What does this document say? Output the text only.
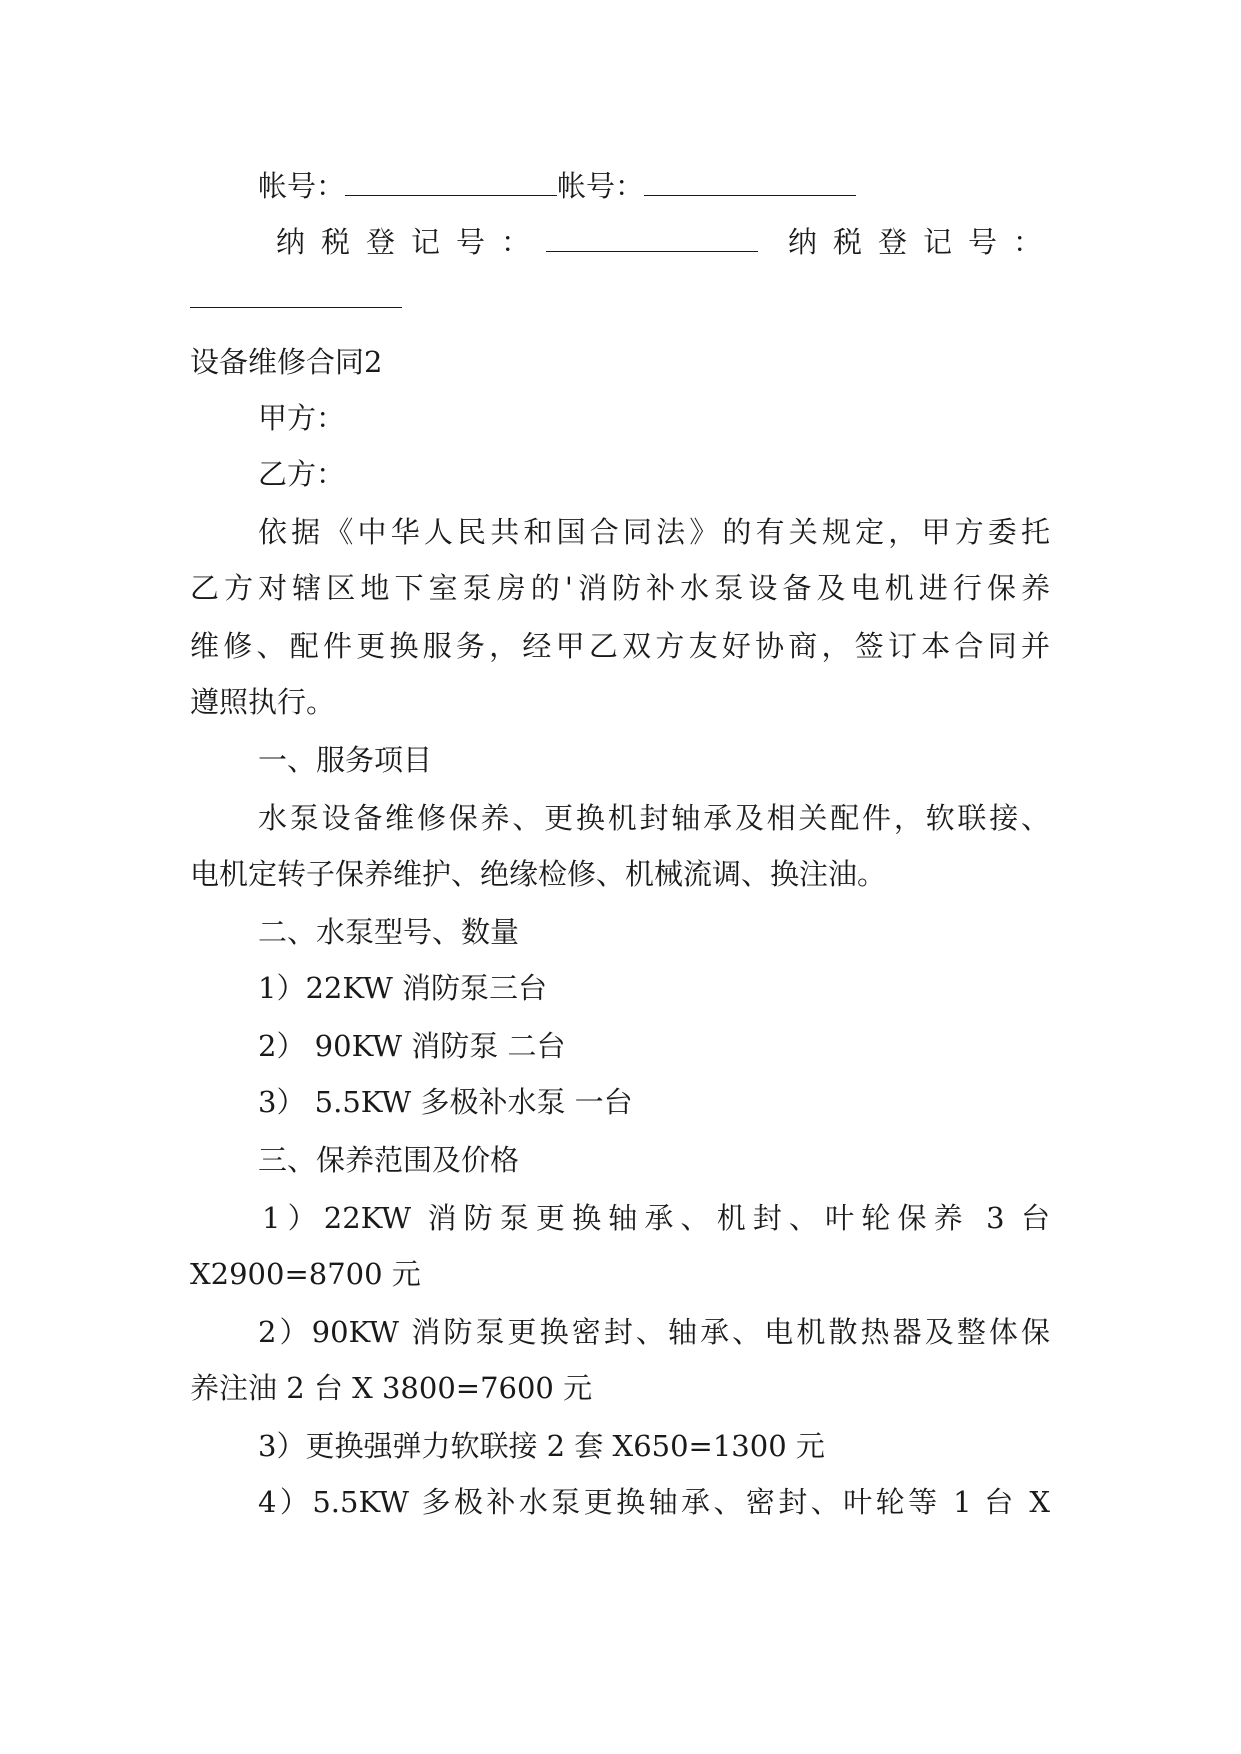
帐号：	帐号：
纳税登记号：	纳税登记号：
设备维修合同2
甲方：
乙方：
依据《中华人民共和国合同法》的有关规定，甲方委托
乙方对辖区地下室泵房的'消防补水泵设备及电机进行保养
维修、配件更换服务，经甲乙双方友好协商，签订本合同并
遵照执行。
一、服务项目
水泵设备维修保养、更换机封轴承及相关配件，软联接、
电机定转子保养维护、绝缘检修、机械流调、换注油。
二、水泵型号、数量
1）22KW 消防泵三台
2） 90KW 消防泵 二台
3） 5.5KW 多极补水泵 一台
三、保养范围及价格
1）22KW 消防泵更换轴承、机封、叶轮保养 3 台
X2900=8700 元
2）90KW 消防泵更换密封、轴承、电机散热器及整体保
养注油 2 台 X 3800=7600 元
3）更换强弹力软联接 2 套 X650=1300 元
4）5.5KW 多极补水泵更换轴承、密封、叶轮等 1 台 X
